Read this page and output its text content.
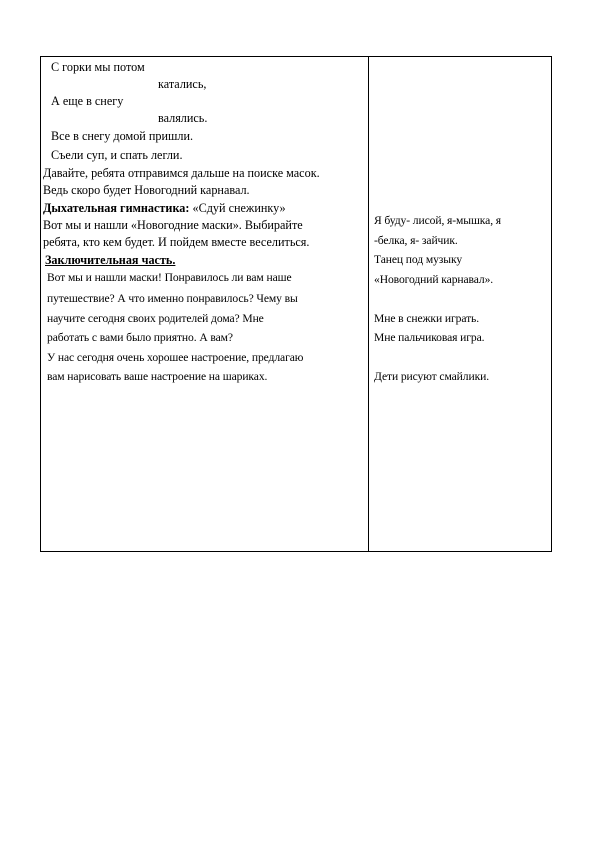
С горки мы потом
катались,
А еще в снегу
валялись.
Все в снегу домой пришли.
Съели суп, и спать легли.
Давайте, ребята отправимся дальше на поиске масок.
Ведь скоро будет Новогодний карнавал.
Дыхательная гимнастика: «Сдуй снежинку»
Вот мы и нашли «Новогодние маски». Выбирайте
ребята, кто кем будет. И пойдем вместе веселиться.
Заключительная часть.
Вот мы и нашли маски! Понравилось ли вам наше
путешествие? А что именно понравилось? Чему вы
научите сегодня своих родителей дома? Мне
работать с вами было приятно. А вам?
У нас сегодня очень хорошее настроение, предлагаю
вам нарисовать ваше настроение на шариках.
Я буду- лисой, я-мышка, я
-белка, я- зайчик.
Танец под музыку
«Новогодний карнавал».
Мне в снежки играть.
Мне пальчиковая игра.
Дети рисуют смайлики.
